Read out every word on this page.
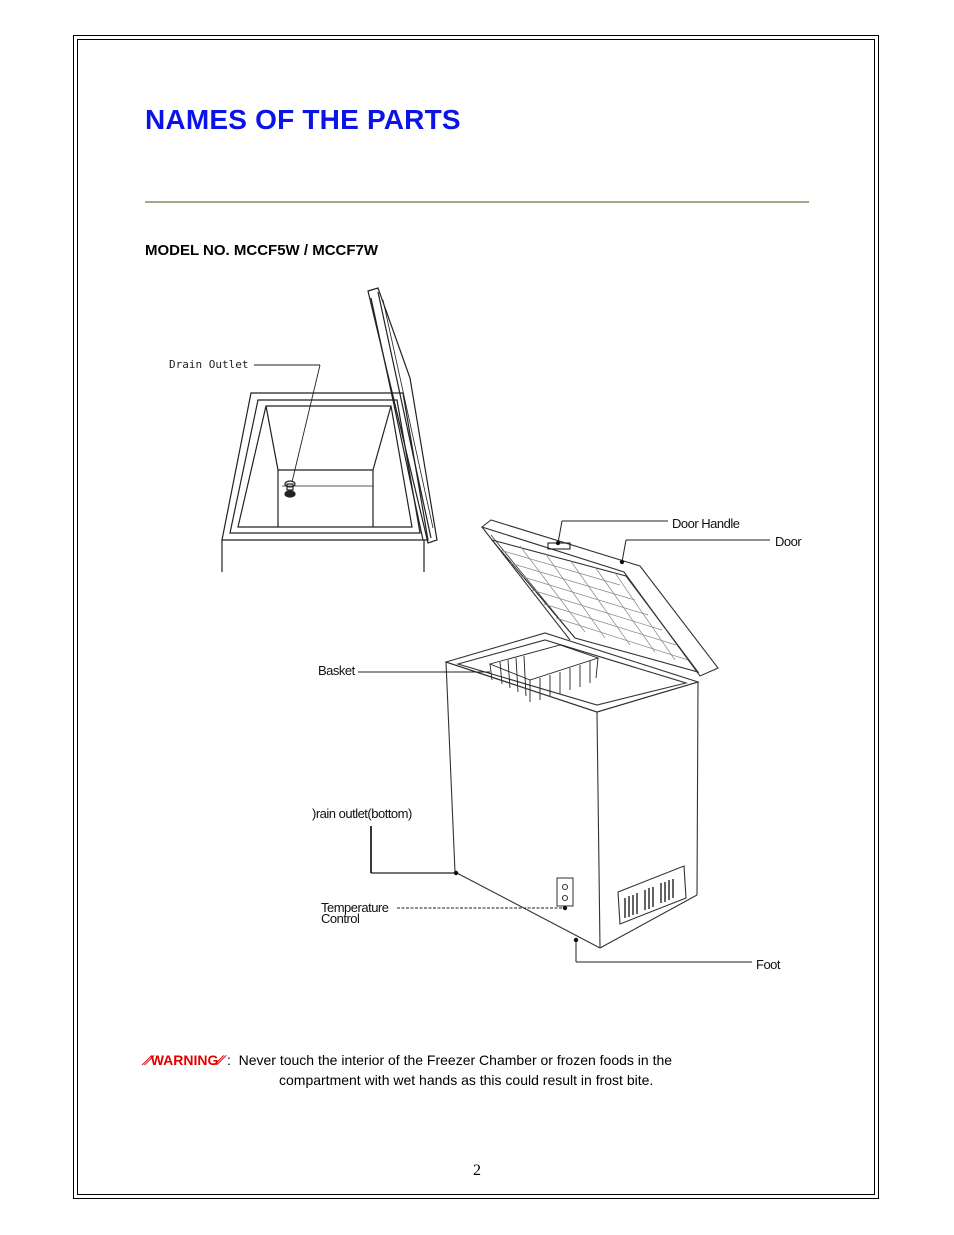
NAMES OF THE PARTS
MODEL NO. MCCF5W / MCCF7W
Drain Outlet
Door Handle
Door
Basket
)rain outlet(bottom)
Temperature
Control
Foot
∕∕WARNING∕∕ : Never touch the interior of the Freezer Chamber or frozen foods in the
compartment with wet hands as this could result in frost bite.
2
